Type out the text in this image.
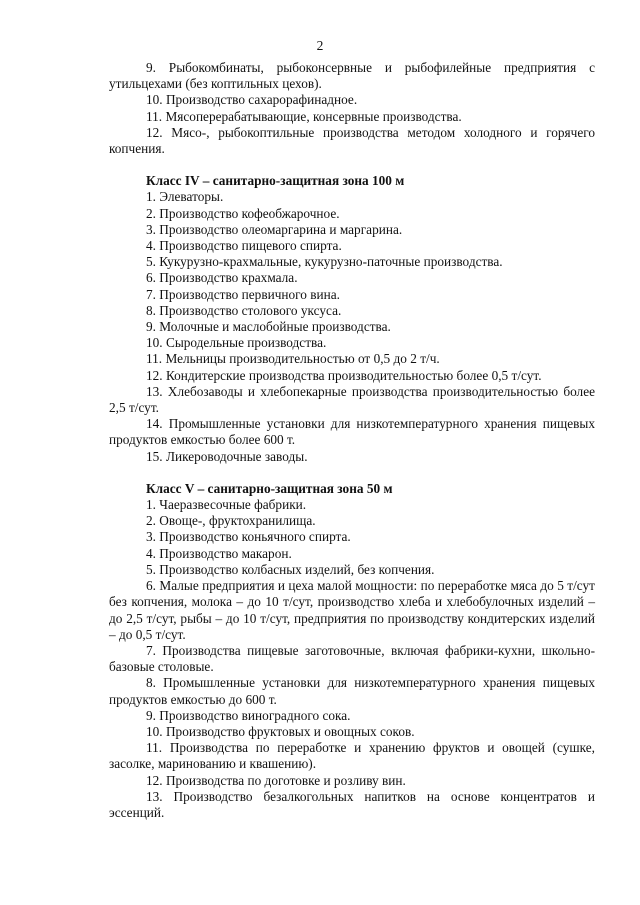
2

9. Рыбокомбинаты, рыбоконсервные и рыбофилейные предприятия с утильцехами (без коптильных цехов).

10. Производство сахарорафинадное.

11. Мясоперерабатывающие, консервные производства.

12. Мясо-, рыбокоптильные производства методом холодного и горячего копчения.

Класс IV – санитарно-защитная зона 100 м

1. Элеваторы.

2. Производство кофеобжарочное.

3. Производство олеомаргарина и маргарина.

4. Производство пищевого спирта.

5. Кукурузно-крахмальные, кукурузно-паточные производства.

6. Производство крахмала.

7. Производство первичного вина.

8. Производство столового уксуса.

9. Молочные и маслобойные производства.

10. Сыродельные производства.

11. Мельницы производительностью от 0,5 до 2 т/ч.

12. Кондитерские производства производительностью более 0,5 т/сут.

13. Хлебозаводы и хлебопекарные производства производительностью более 2,5 т/сут.

14. Промышленные установки для низкотемпературного хранения пищевых продуктов емкостью более 600 т.

15. Ликероводочные заводы.

Класс V – санитарно-защитная зона 50 м

1. Чаеразвесочные фабрики.

2. Овоще-, фруктохранилища.

3. Производство коньячного спирта.

4. Производство макарон.

5. Производство колбасных изделий, без копчения.

6. Малые предприятия и цеха малой мощности: по переработке мяса до 5 т/сут без копчения, молока – до 10 т/сут, производство хлеба и хлебобулочных изделий – до 2,5 т/сут, рыбы – до 10 т/сут, предприятия по производству кондитерских изделий – до 0,5 т/сут.

7. Производства пищевые заготовочные, включая фабрики-кухни, школьно-базовые столовые.

8. Промышленные установки для низкотемпературного хранения пищевых продуктов емкостью до 600 т.

9. Производство виноградного сока.

10. Производство фруктовых и овощных соков.

11. Производства по переработке и хранению фруктов и овощей (сушке, засолке, маринованию и квашению).

12. Производства по доготовке и розливу вин.

13. Производство безалкогольных напитков на основе концентратов и эссенций.
